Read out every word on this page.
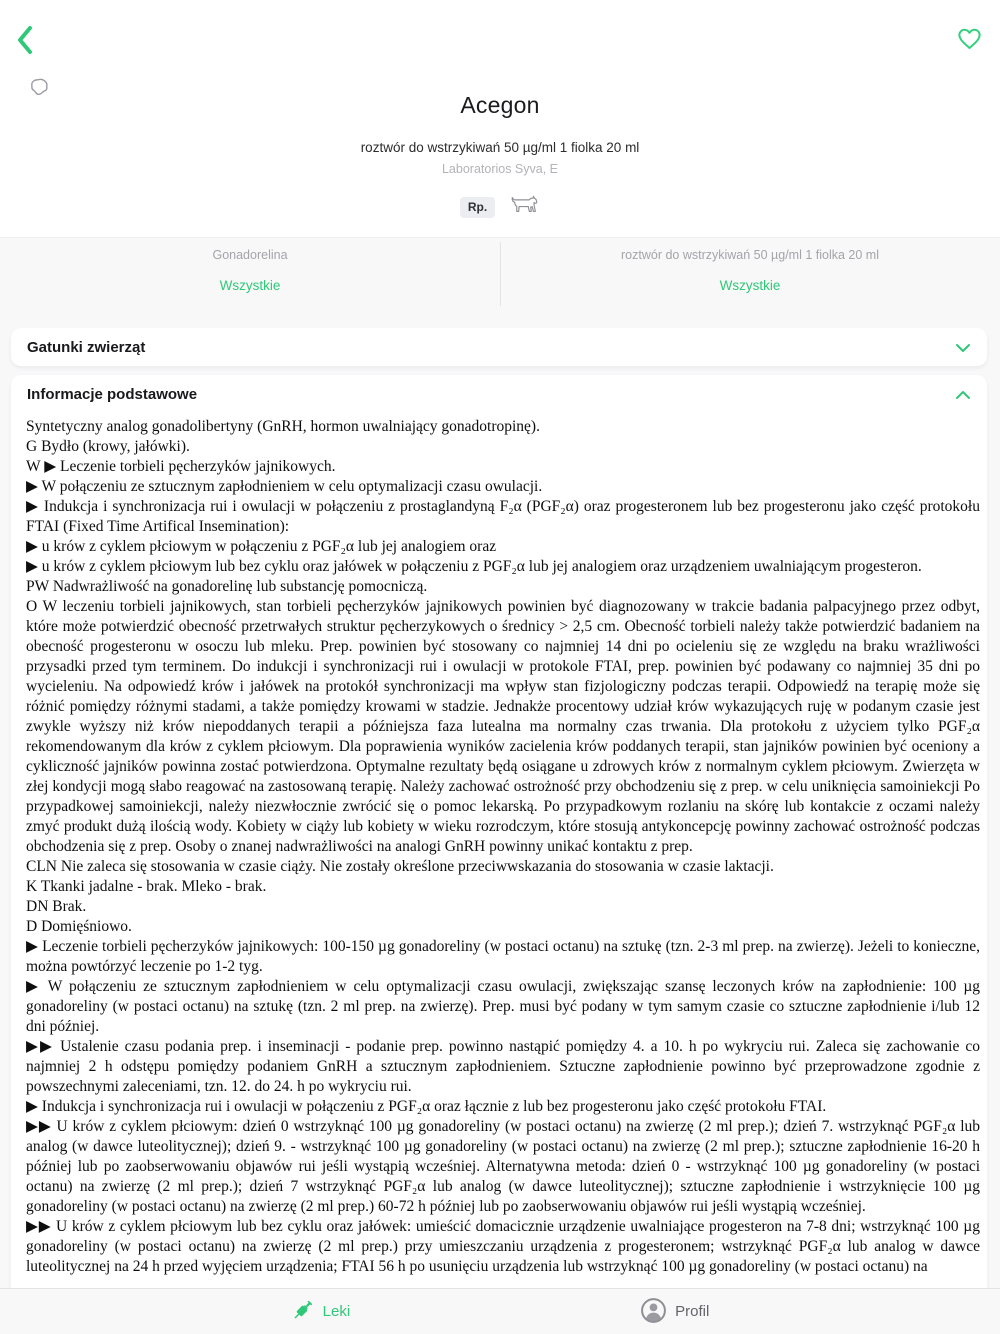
Acegon

roztwór do wstrzykiwań 50 µg/ml 1 fiolka 20 ml

Laboratorios Syva, E

Rp.

Gonadorelina

Wszystkie

roztwór do wstrzykiwań 50 µg/ml 1 fiolka 20 ml

Wszystkie
Gatunki zwierząt
Informacje podstawowe

Syntetyczny analog gonadolibertyny (GnRH, hormon uwalniający gonadotropinę).

G Bydło (krowy, jałówki).

W ▶ Leczenie torbieli pęcherzyków jajnikowych.

▶ W połączeniu ze sztucznym zapłodnieniem w celu optymalizacji czasu owulacji.

▶ Indukcja i synchronizacja rui i owulacji w połączeniu z prostaglandyną F₂α (PGF₂α) oraz progesteronem lub bez progesteronu jako część protokołu FTAI (Fixed Time Artifical Insemination):

▶ u krów z cyklem płciowym w połączeniu z PGF₂α lub jej analogiem oraz

▶ u krów z cyklem płciowym lub bez cyklu oraz jałówek w połączeniu z PGF₂α lub jej analogiem oraz urządzeniem uwalniającym progesteron.

PW Nadwrażliwość na gonadorelinę lub substancję pomocniczą.

O W leczeniu torbieli jajnikowych, stan torbieli pęcherzyków jajnikowych powinien być diagnozowany w trakcie badania palpacyjnego przez odbyt, które może potwierdzić obecność przetrwałych struktur pęcherzykowych o średnicy > 2,5 cm. Obecność torbieli należy także potwierdzić badaniem na obecność progesteronu w osoczu lub mleku. Prep. powinien być stosowany co najmniej 14 dni po ocieleniu się ze względu na braku wrażliwości przysadki przed tym terminem. Do indukcji i synchronizacji rui i owulacji w protokole FTAI, prep. powinien być podawany co najmniej 35 dni po wycieleniu. Na odpowiedź krów i jałówek na protokół synchronizacji ma wpływ stan fizjologiczny podczas terapii. Odpowiedź na terapię może się różnić pomiędzy różnymi stadami, a także pomiędzy krowami w stadzie. Jednakże procentowy udział krów wykazujących ruję w podanym czasie jest zwykle wyższy niż krów niepoddanych terapii a późniejsza faza lutealna ma normalny czas trwania. Dla protokołu z użyciem tylko PGF₂α rekomendowanym dla krów z cyklem płciowym. Dla poprawienia wyników zacielenia krów poddanych terapii, stan jajników powinien być oceniony a cykliczność jajników powinna zostać potwierdzona. Optymalne rezultaty będą osiągane u zdrowych krów z normalnym cyklem płciowym. Zwierzęta w złej kondycji mogą słabo reagować na zastosowaną terapię. Należy zachować ostrożność przy obchodzeniu się z prep. w celu uniknięcia samoiniekcji Po przypadkowej samoiniekcji, należy niezwłocznie zwrócić się o pomoc lekarską. Po przypadkowym rozlaniu na skórę lub kontakcie z oczami należy zmyć produkt dużą ilością wody. Kobiety w ciąży lub kobiety w wieku rozrodczym, które stosują antykoncepcję powinny zachować ostrożność podczas obchodzenia się z prep. Osoby o znanej nadwrażliwości na analogi GnRH powinny unikać kontaktu z prep.

CLN Nie zaleca się stosowania w czasie ciąży. Nie zostały określone przeciwwskazania do stosowania w czasie laktacji.

K Tkanki jadalne - brak. Mleko - brak.

DN Brak.

D Domięśniowo.

▶ Leczenie torbieli pęcherzyków jajnikowych: 100-150 µg gonadoreliny (w postaci octanu) na sztukę (tzn. 2-3 ml prep. na zwierzę). Jeżeli to konieczne, można powtórzyć leczenie po 1-2 tyg.

▶ W połączeniu ze sztucznym zapłodnieniem w celu optymalizacji czasu owulacji, zwiększając szansę leczonych krów na zapłodnienie: 100 µg gonadoreliny (w postaci octanu) na sztukę (tzn. 2 ml prep. na zwierzę). Prep. musi być podany w tym samym czasie co sztuczne zapłodnienie i/lub 12 dni później.

▶▶ Ustalenie czasu podania prep. i inseminacji - podanie prep. powinno nastąpić pomiędzy 4. a 10. h po wykryciu rui. Zaleca się zachowanie co najmniej 2 h odstępu pomiędzy podaniem GnRH a sztucznym zapłodnieniem. Sztuczne zapłodnienie powinno być przeprowadzone zgodnie z powszechnymi zaleceniami, tzn. 12. do 24. h po wykryciu rui.

▶ Indukcja i synchronizacja rui i owulacji w połączeniu z PGF₂α oraz łącznie z lub bez progesteronu jako część protokołu FTAI.

▶▶ U krów z cyklem płciowym: dzień 0 wstrzyknąć 100 µg gonadoreliny (w postaci octanu) na zwierzę (2 ml prep.); dzień 7. wstrzyknąć PGF₂α lub analog (w dawce luteolitycznej); dzień 9. - wstrzyknąć 100 µg gonadoreliny (w postaci octanu) na zwierzę (2 ml prep.); sztuczne zapłodnienie 16-20 h później lub po zaobserwowaniu objawów rui jeśli wystąpią wcześniej. Alternatywna metoda: dzień 0 - wstrzyknąć 100 µg gonadoreliny (w postaci octanu) na zwierzę (2 ml prep.); dzień 7 wstrzyknąć PGF₂α lub analog (w dawce luteolitycznej); sztuczne zapłodnienie i wstrzyknięcie 100 µg gonadoreliny (w postaci octanu) na zwierzę (2 ml prep.) 60-72 h później lub po zaobserwowaniu objawów rui jeśli wystąpią wcześniej.

▶▶ U krów z cyklem płciowym lub bez cyklu oraz jałówek: umieścić domacicznie urządzenie uwalniające progesteron na 7-8 dni; wstrzyknąć 100 µg gonadoreliny (w postaci octanu) na zwierzę (2 ml prep.) przy umieszczaniu urządzenia z progesteronem; wstrzyknąć PGF₂α lub analog w dawce luteolitycznej na 24 h przed wyjęciem urządzenia; FTAI 56 h po usunięciu urządzenia lub wstrzyknąć 100 µg gonadoreliny (w postaci octanu) na

Leki	Profil
